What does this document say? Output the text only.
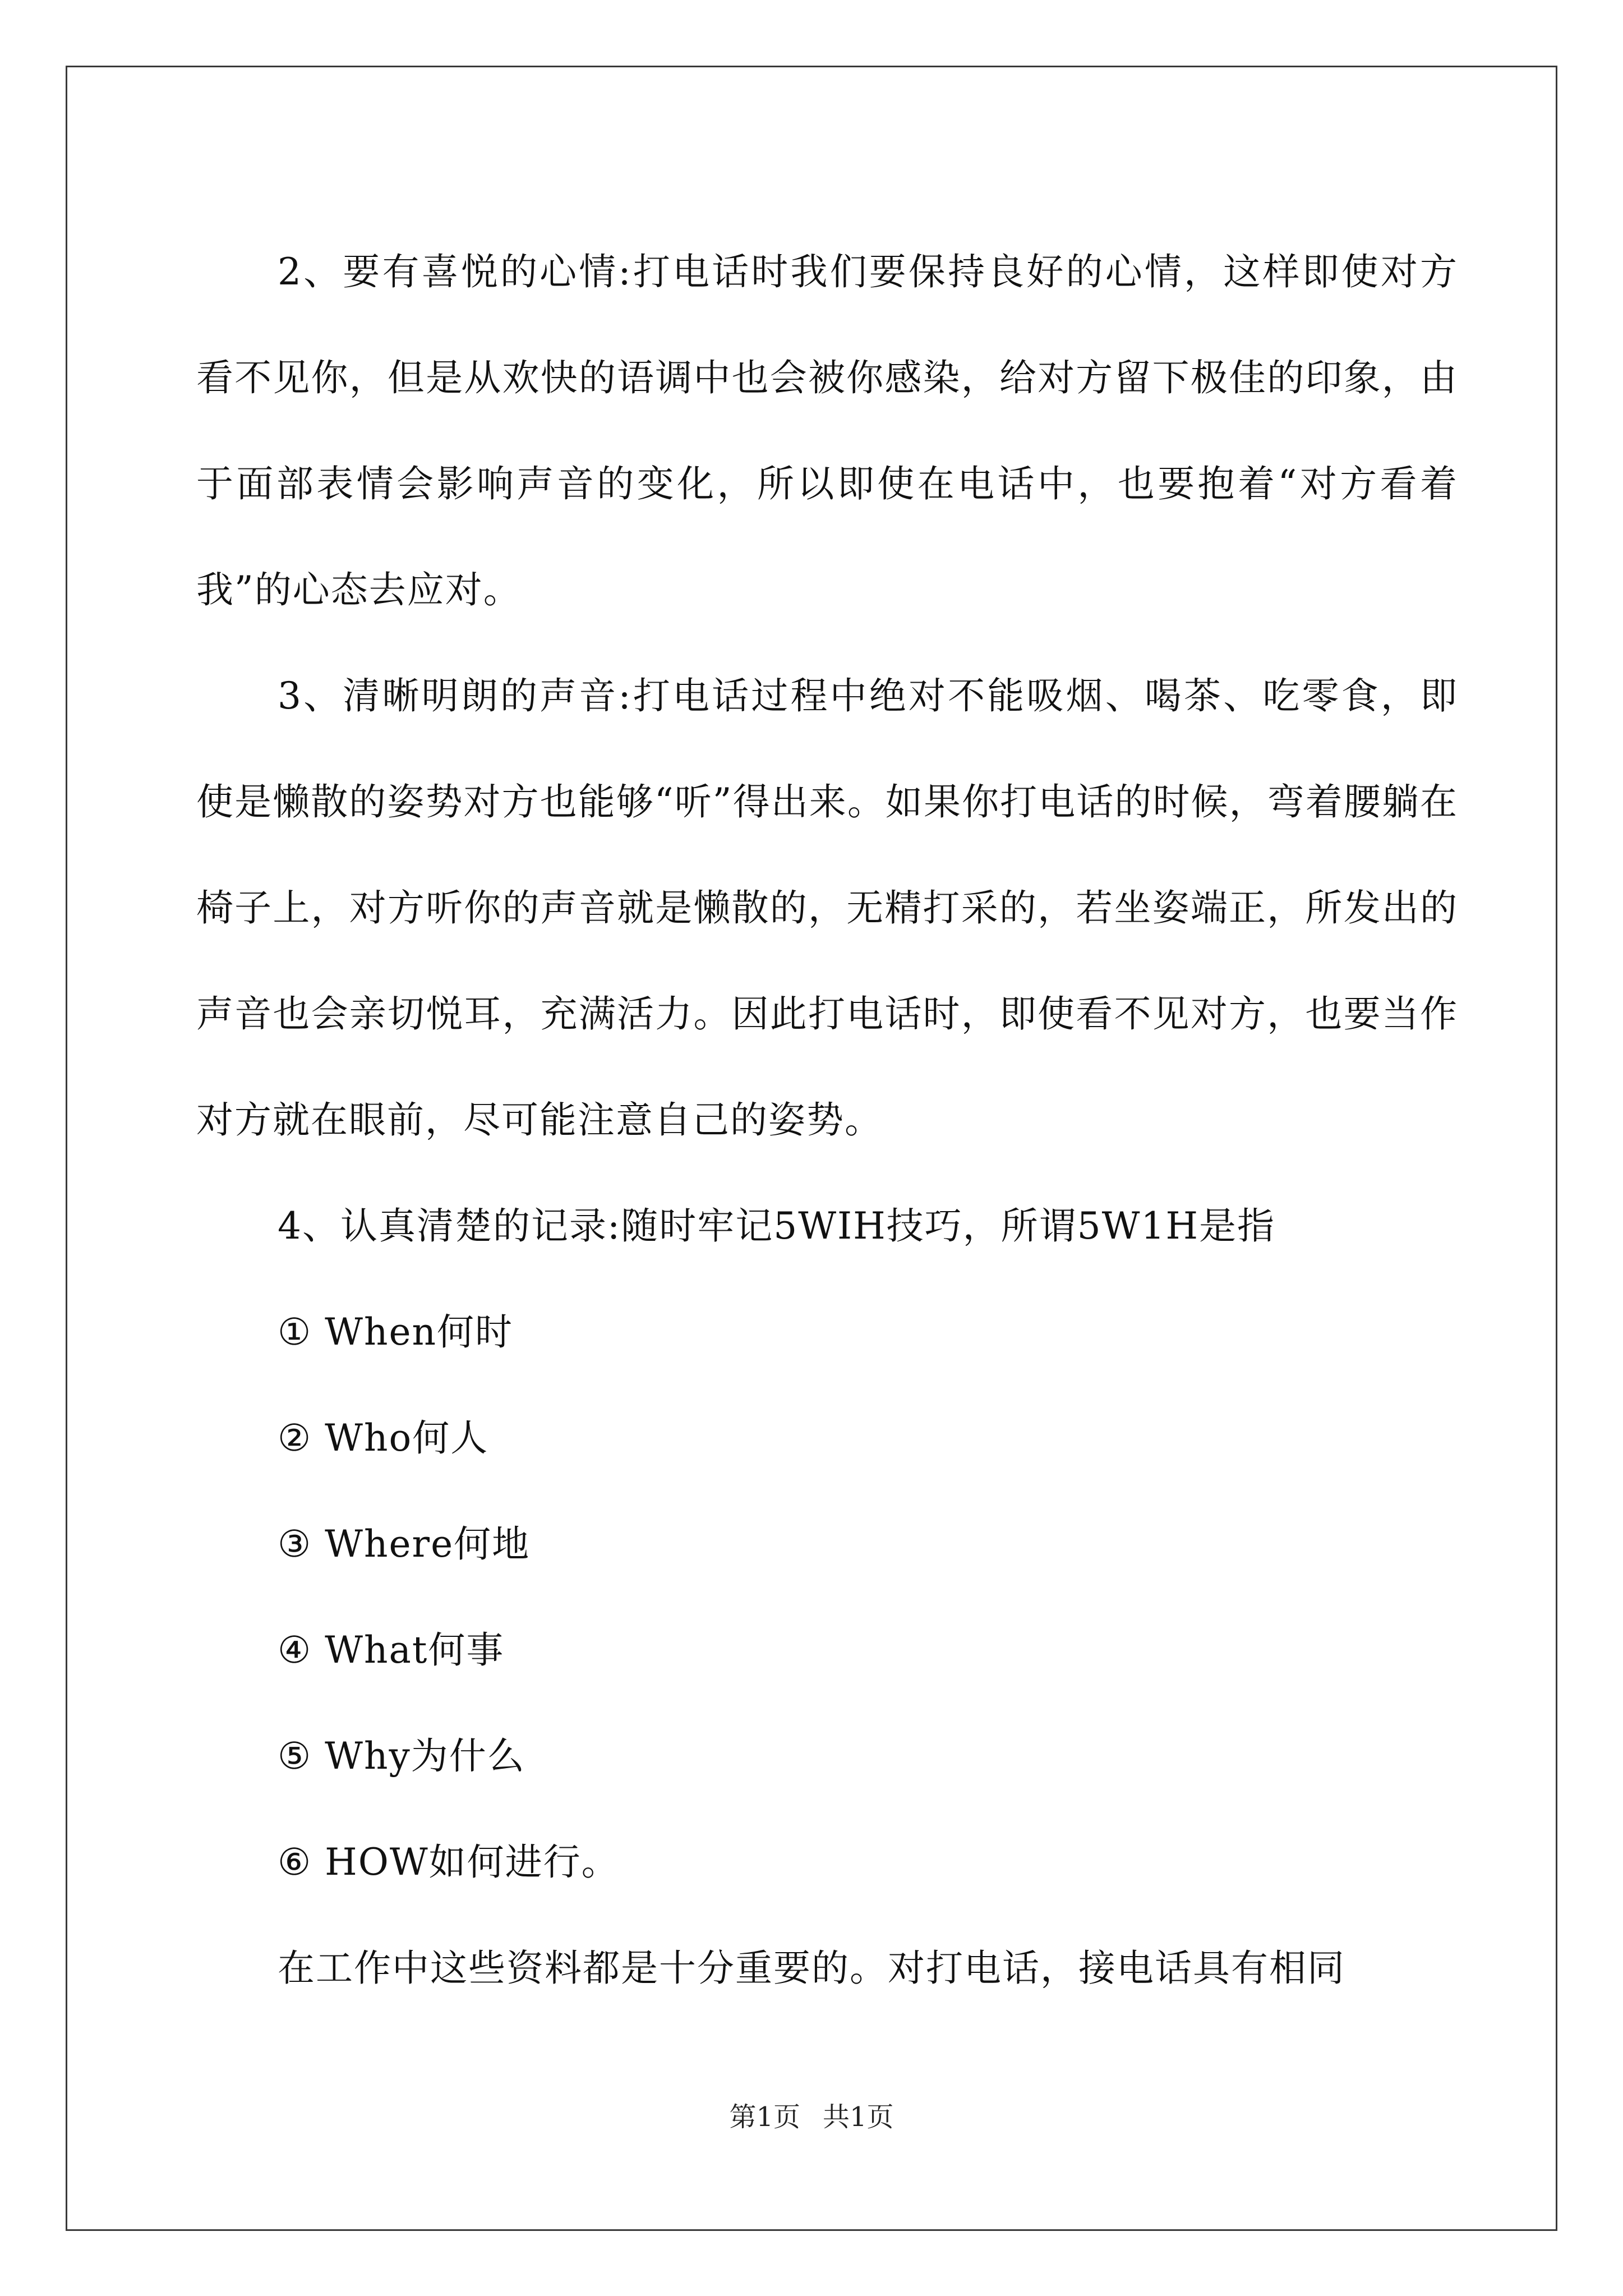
2、要有喜悦的心情:打电话时我们要保持良好的心情，这样即使对方看不见你，但是从欢快的语调中也会被你感染，给对方留下极佳的印象，由于面部表情会影响声音的变化，所以即使在电话中，也要抱着“对方看着我”的心态去应对。

3、清晰明朗的声音:打电话过程中绝对不能吸烟、喝茶、吃零食，即使是懒散的姿势对方也能够“听”得出来。如果你打电话的时候，弯着腰躺在椅子上，对方听你的声音就是懒散的，无精打采的，若坐姿端正，所发出的声音也会亲切悦耳，充满活力。因此打电话时，即使看不见对方，也要当作对方就在眼前，尽可能注意自己的姿势。

4、认真清楚的记录:随时牢记5WIH技巧，所谓5W1H是指

① When何时

② Who何人

③ Where何地

④ What何事

⑤ Why为什么

⑥ HOW如何进行。

在工作中这些资料都是十分重要的。对打电话，接电话具有相同

第1页 共1页
